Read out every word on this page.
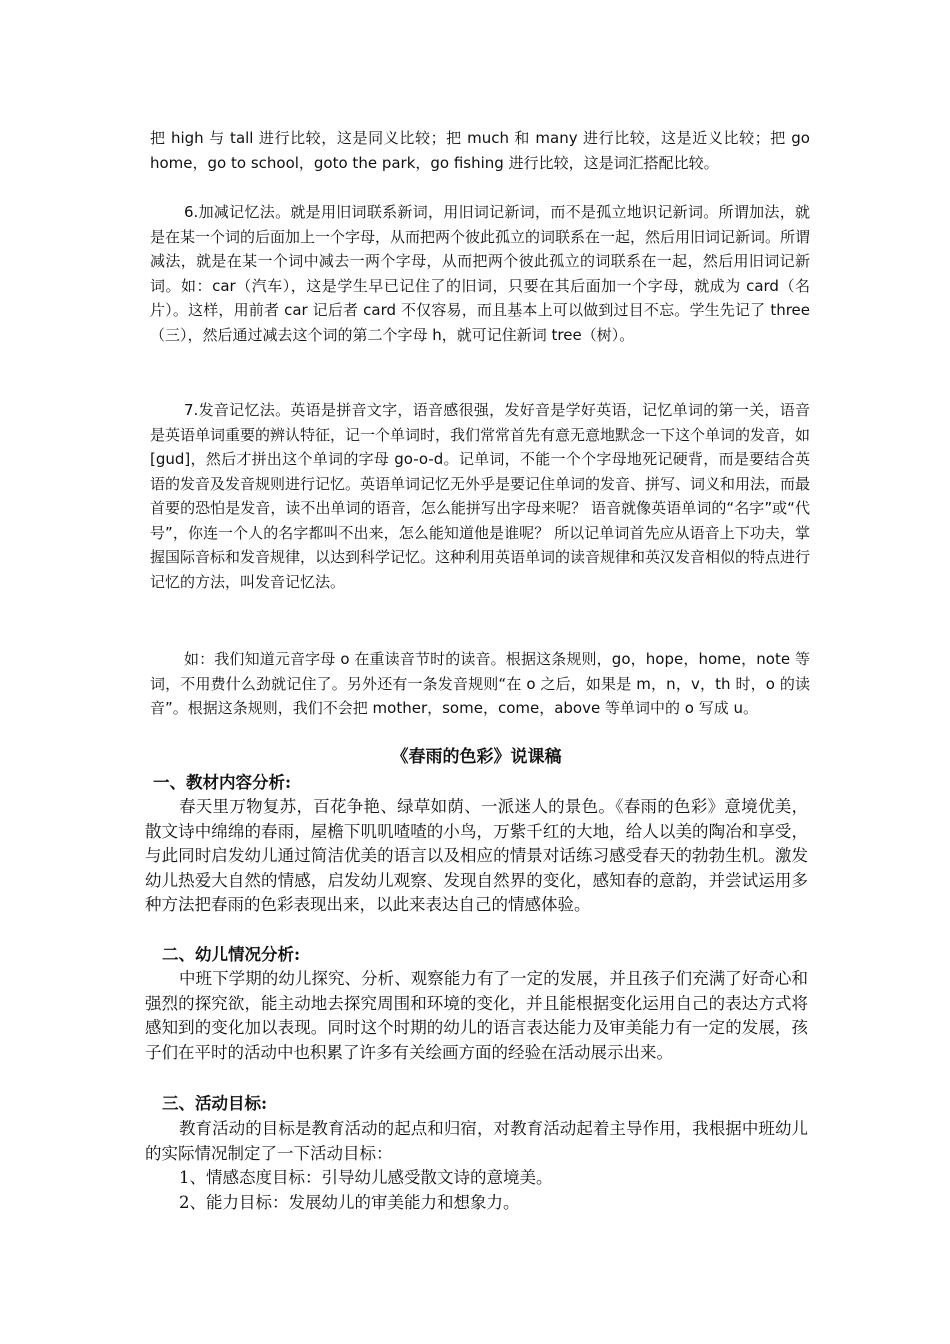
把 high 与 tall 进行比较，这是同义比较；把 much 和 many 进行比较，这是近义比较；把 go home，go to school，goto the park，go fishing 进行比较，这是词汇搭配比较。
6.加减记忆法。就是用旧词联系新词，用旧词记新词，而不是孤立地识记新词。所谓加法，就是在某一个词的后面加上一个字母，从而把两个彼此孤立的词联系在一起，然后用旧词记新词。所谓减法，就是在某一个词中减去一两个字母，从而把两个彼此孤立的词联系在一起，然后用旧词记新词。如：car（汽车），这是学生早已记住了的旧词，只要在其后面加一个字母，就成为 card（名片）。这样，用前者 car 记后者 card 不仅容易，而且基本上可以做到过目不忘。学生先记了 three（三），然后通过减去这个词的第二个字母 h，就可记住新词 tree（树）。
7.发音记忆法。英语是拼音文字，语音感很强，发好音是学好英语，记忆单词的第一关，语音是英语单词重要的辨认特征，记一个单词时，我们常常首先有意无意地默念一下这个单词的发音，如[gud]，然后才拼出这个单词的字母 go-o-d。记单词，不能一个个字母地死记硬背，而是要结合英语的发音及发音规则进行记忆。英语单词记忆无外乎是要记住单词的发音、拼写、词义和用法，而最首要的恐怕是发音，读不出单词的语音，怎么能拼写出字母来呢？ 语音就像英语单词的“名字”或“代号”，你连一个人的名字都叫不出来，怎么能知道他是谁呢？ 所以记单词首先应从语音上下功夫，掌握国际音标和发音规律，以达到科学记忆。这种利用英语单词的读音规律和英汉发音相似的特点进行记忆的方法，叫发音记忆法。
如：我们知道元音字母 o 在重读音节时的读音。根据这条规则，go，hope，home，note 等词，不用费什么劲就记住了。另外还有一条发音规则“在 o 之后，如果是 m，n，v，th 时，o 的读音”。根据这条规则，我们不会把 mother，some，come，above 等单词中的 o 写成 u。
《春雨的色彩》说课稿
一、教材内容分析:
春天里万物复苏，百花争艳、绿草如荫、一派迷人的景色。《春雨的色彩》意境优美，散文诗中绵绵的春雨，屋檐下叽叽喳喳的小鸟，万紫千红的大地，给人以美的陶冶和享受，与此同时启发幼儿通过简洁优美的语言以及相应的情景对话练习感受春天的勃勃生机。激发幼儿热爱大自然的情感，启发幼儿观察、发现自然界的变化，感知春的意韵，并尝试运用多种方法把春雨的色彩表现出来，以此来表达自己的情感体验。
二、幼儿情况分析:
中班下学期的幼儿探究、分析、观察能力有了一定的发展，并且孩子们充满了好奇心和强烈的探究欲，能主动地去探究周围和环境的变化，并且能根据变化运用自己的表达方式将感知到的变化加以表现。同时这个时期的幼儿的语言表达能力及审美能力有一定的发展，孩子们在平时的活动中也积累了许多有关绘画方面的经验在活动展示出来。
三、活动目标:
教育活动的目标是教育活动的起点和归宿，对教育活动起着主导作用，我根据中班幼儿的实际情况制定了一下活动目标：
1、情感态度目标：引导幼儿感受散文诗的意境美。
2、能力目标：发展幼儿的审美能力和想象力。
